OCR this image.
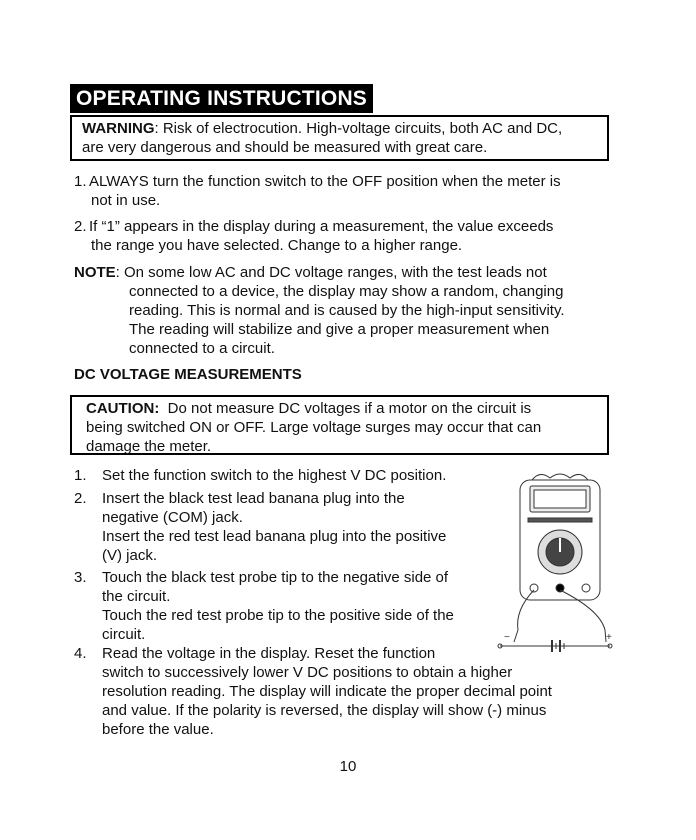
OPERATING INSTRUCTIONS
WARNING: Risk of electrocution. High-voltage circuits, both AC and DC,
are very dangerous and should be measured with great care.
1. ALWAYS turn the function switch to the OFF position when the meter is
not in use.
2. If “1” appears in the display during a measurement, the value exceeds
the range you have selected. Change to a higher range.
NOTE: On some low AC and DC voltage ranges, with the test leads not
connected to a device, the display may show a random, changing
reading. This is normal and is caused by the high-input sensitivity.
The reading will stabilize and give a proper measurement when
connected to a circuit.
DC VOLTAGE MEASUREMENTS
CAUTION: Do not measure DC voltages if a motor on the circuit is
being switched ON or OFF. Large voltage surges may occur that can
damage the meter.
1.	Set the function switch to the highest V DC position.
2.	Insert the black test lead banana plug into the
negative (COM) jack.
Insert the red test lead banana plug into the positive
(V) jack.
3.	Touch the black test probe tip to the negative side of
the circuit.
Touch the red test probe tip to the positive side of the
circuit.
4.	Read the voltage in the display. Reset the function
switch to successively lower V DC positions to obtain a higher
resolution reading. The display will indicate the proper decimal point
and value. If the polarity is reversed, the display will show (-) minus
before the value.
−	+
10
